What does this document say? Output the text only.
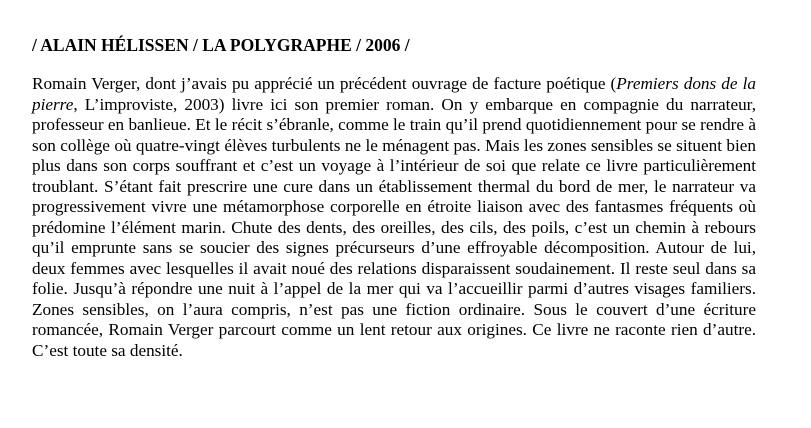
/ ALAIN HÉLISSEN / LA POLYGRAPHE / 2006 /

Romain Verger, dont j’avais pu apprécié un précédent ouvrage de facture poétique (Premiers dons de la pierre, L’improviste, 2003) livre ici son premier roman. On y embarque en compagnie du narrateur, professeur en banlieue. Et le récit s’ébranle, comme le train qu’il prend quotidiennement pour se rendre à son collège où quatre-vingt élèves turbulents ne le ménagent pas. Mais les zones sensibles se situent bien plus dans son corps souffrant et c’est un voyage à l’intérieur de soi que relate ce livre particulièrement troublant. S’étant fait prescrire une cure dans un établissement thermal du bord de mer, le narrateur va progressivement vivre une métamorphose corporelle en étroite liaison avec des fantasmes fréquents où prédomine l’élément marin. Chute des dents, des oreilles, des cils, des poils, c’est un chemin à rebours qu’il emprunte sans se soucier des signes précurseurs d’une effroyable décomposition. Autour de lui, deux femmes avec lesquelles il avait noué des relations disparaissent soudainement. Il reste seul dans sa folie. Jusqu’à répondre une nuit à l’appel de la mer qui va l’accueillir parmi d’autres visages familiers. Zones sensibles, on l’aura compris, n’est pas une fiction ordinaire. Sous le couvert d’une écriture romancée, Romain Verger parcourt comme un lent retour aux origines. Ce livre ne raconte rien d’autre. C’est toute sa densité.
